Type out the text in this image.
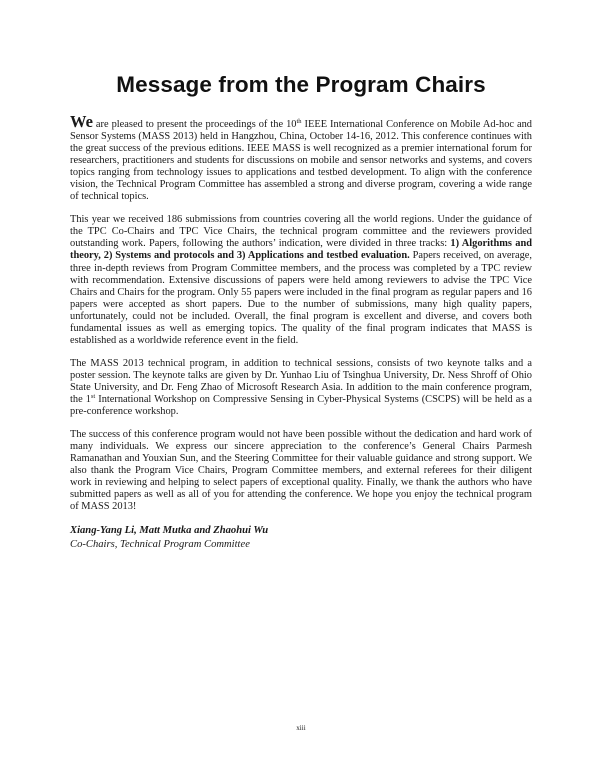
Message from the Program Chairs

We are pleased to present the proceedings of the 10th IEEE International Conference on Mobile Ad-hoc and Sensor Systems (MASS 2013) held in Hangzhou, China, October 14-16, 2012. This conference continues with the great success of the previous editions. IEEE MASS is well recognized as a premier international forum for researchers, practitioners and students for discussions on mobile and sensor networks and systems, and covers topics ranging from technology issues to applications and testbed development. To align with the conference vision, the Technical Program Committee has assembled a strong and diverse program, covering a wide range of technical topics.

This year we received 186 submissions from countries covering all the world regions. Under the guidance of the TPC Co-Chairs and TPC Vice Chairs, the technical program committee and the reviewers provided outstanding work. Papers, following the authors’ indication, were divided in three tracks: 1) Algorithms and theory, 2) Systems and protocols and 3) Applications and testbed evaluation. Papers received, on average, three in-depth reviews from Program Committee members, and the process was completed by a TPC review with recommendation. Extensive discussions of papers were held among reviewers to advise the TPC Vice Chairs and Chairs for the program. Only 55 papers were included in the final program as regular papers and 16 papers were accepted as short papers. Due to the number of submissions, many high quality papers, unfortunately, could not be included. Overall, the final program is excellent and diverse, and covers both fundamental issues as well as emerging topics. The quality of the final program indicates that MASS is established as a worldwide reference event in the field.

The MASS 2013 technical program, in addition to technical sessions, consists of two keynote talks and a poster session. The keynote talks are given by Dr. Yunhao Liu of Tsinghua University, Dr. Ness Shroff of Ohio State University, and Dr. Feng Zhao of Microsoft Research Asia. In addition to the main conference program, the 1st International Workshop on Compressive Sensing in Cyber-Physical Systems (CSCPS) will be held as a pre-conference workshop.

The success of this conference program would not have been possible without the dedication and hard work of many individuals. We express our sincere appreciation to the conference’s General Chairs Parmesh Ramanathan and Youxian Sun, and the Steering Committee for their valuable guidance and strong support. We also thank the Program Vice Chairs, Program Committee members, and external referees for their diligent work in reviewing and helping to select papers of exceptional quality. Finally, we thank the authors who have submitted papers as well as all of you for attending the conference. We hope you enjoy the technical program of MASS 2013!

Xiang-Yang Li, Matt Mutka and Zhaohui Wu
Co-Chairs, Technical Program Committee
xiii
